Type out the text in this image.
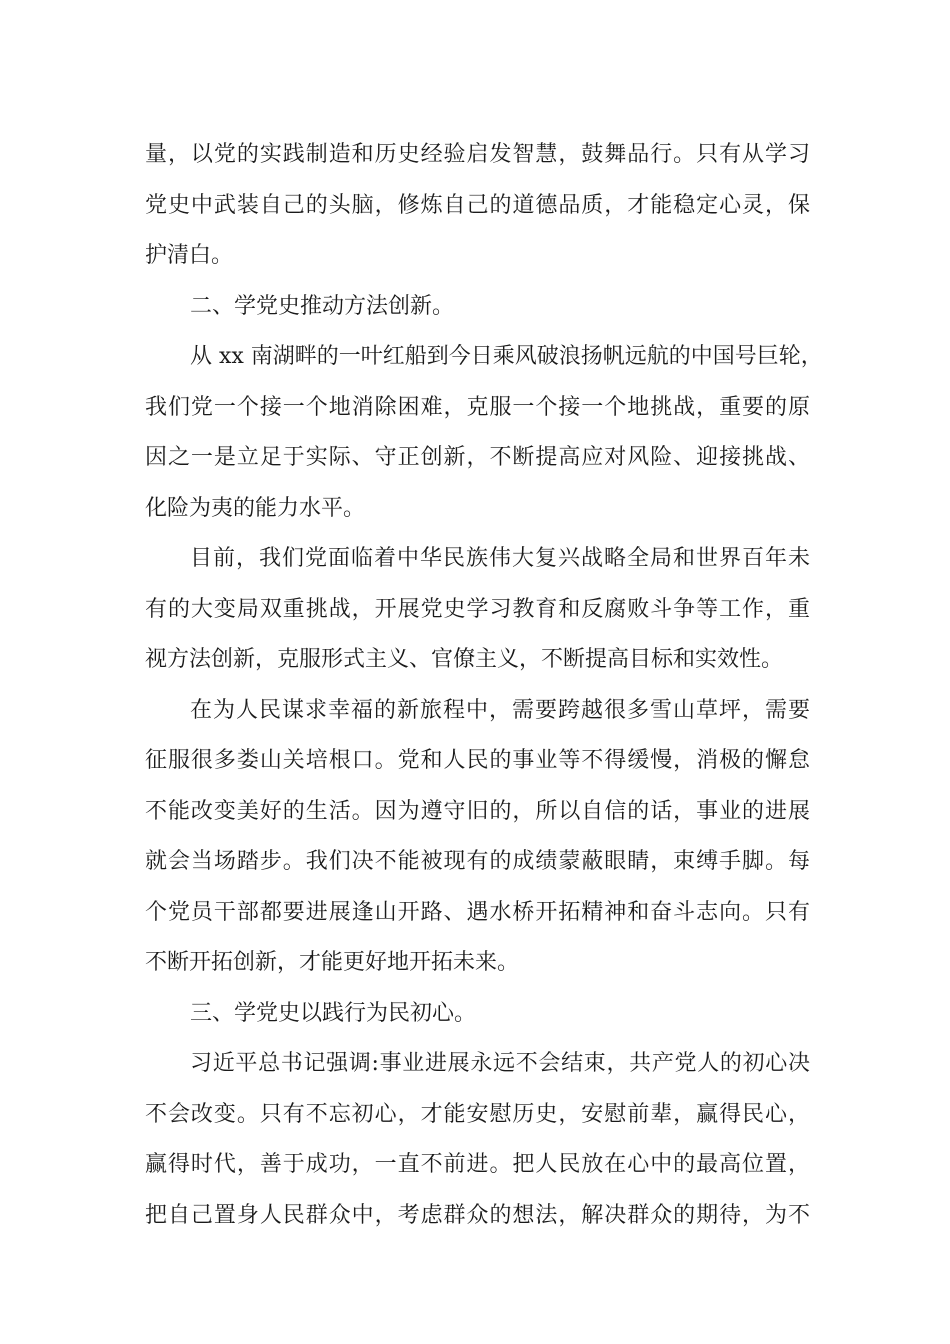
量，以党的实践制造和历史经验启发智慧，鼓舞品行。只有从学习
党史中武装自己的头脑，修炼自己的道德品质，才能稳定心灵，保
护清白。
二、学党史推动方法创新。
从 xx 南湖畔的一叶红船到今日乘风破浪扬帆远航的中国号巨轮，
我们党一个接一个地消除困难，克服一个接一个地挑战，重要的原
因之一是立足于实际、守正创新，不断提高应对风险、迎接挑战、
化险为夷的能力水平。
目前，我们党面临着中华民族伟大复兴战略全局和世界百年未
有的大变局双重挑战，开展党史学习教育和反腐败斗争等工作，重
视方法创新，克服形式主义、官僚主义，不断提高目标和实效性。
在为人民谋求幸福的新旅程中，需要跨越很多雪山草坪，需要
征服很多娄山关培根口。党和人民的事业等不得缓慢，消极的懈怠
不能改变美好的生活。因为遵守旧的，所以自信的话，事业的进展
就会当场踏步。我们决不能被现有的成绩蒙蔽眼睛，束缚手脚。每
个党员干部都要进展逢山开路、遇水桥开拓精神和奋斗志向。只有
不断开拓创新，才能更好地开拓未来。
三、学党史以践行为民初心。
习近平总书记强调:事业进展永远不会结束，共产党人的初心决
不会改变。只有不忘初心，才能安慰历史，安慰前辈，赢得民心，
赢得时代，善于成功，一直不前进。把人民放在心中的最高位置，
把自己置身人民群众中，考虑群众的想法，解决群众的期待，为不
